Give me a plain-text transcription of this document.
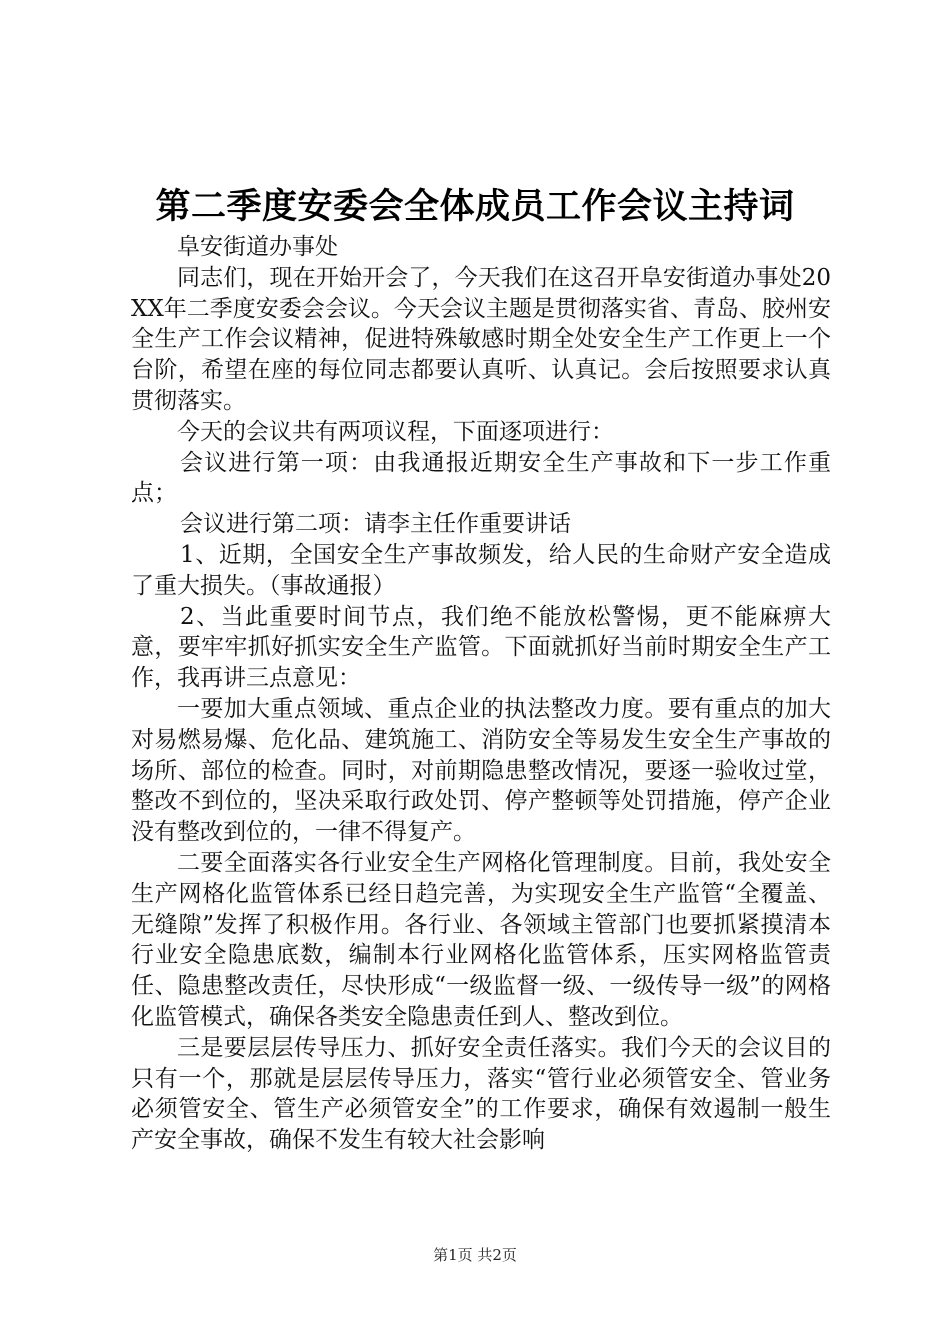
第二季度安委会全体成员工作会议主持词

阜安街道办事处

同志们，现在开始开会了，今天我们在这召开阜安街道办事处20XX年二季度安委会会议。今天会议主题是贯彻落实省、青岛、胶州安全生产工作会议精神，促进特殊敏感时期全处安全生产工作更上一个台阶，希望在座的每位同志都要认真听、认真记。会后按照要求认真贯彻落实。

今天的会议共有两项议程，下面逐项进行：

会议进行第一项：由我通报近期安全生产事故和下一步工作重点；

会议进行第二项：请李主任作重要讲话

1、近期，全国安全生产事故频发，给人民的生命财产安全造成了重大损失。（事故通报）

2、当此重要时间节点，我们绝不能放松警惕，更不能麻痹大意，要牢牢抓好抓实安全生产监管。下面就抓好当前时期安全生产工作，我再讲三点意见：

一要加大重点领域、重点企业的执法整改力度。要有重点的加大对易燃易爆、危化品、建筑施工、消防安全等易发生安全生产事故的场所、部位的检查。同时，对前期隐患整改情况，要逐一验收过堂，整改不到位的，坚决采取行政处罚、停产整顿等处罚措施，停产企业没有整改到位的，一律不得复产。

二要全面落实各行业安全生产网格化管理制度。目前，我处安全生产网格化监管体系已经日趋完善，为实现安全生产监管“全覆盖、无缝隙”发挥了积极作用。各行业、各领域主管部门也要抓紧摸清本行业安全隐患底数，编制本行业网格化监管体系，压实网格监管责任、隐患整改责任，尽快形成“一级监督一级、一级传导一级”的网格化监管模式，确保各类安全隐患责任到人、整改到位。

三是要层层传导压力、抓好安全责任落实。我们今天的会议目的只有一个，那就是层层传导压力，落实“管行业必须管安全、管业务必须管安全、管生产必须管安全”的工作要求，确保有效遏制一般生产安全事故，确保不发生有较大社会影响

第1页 共2页
